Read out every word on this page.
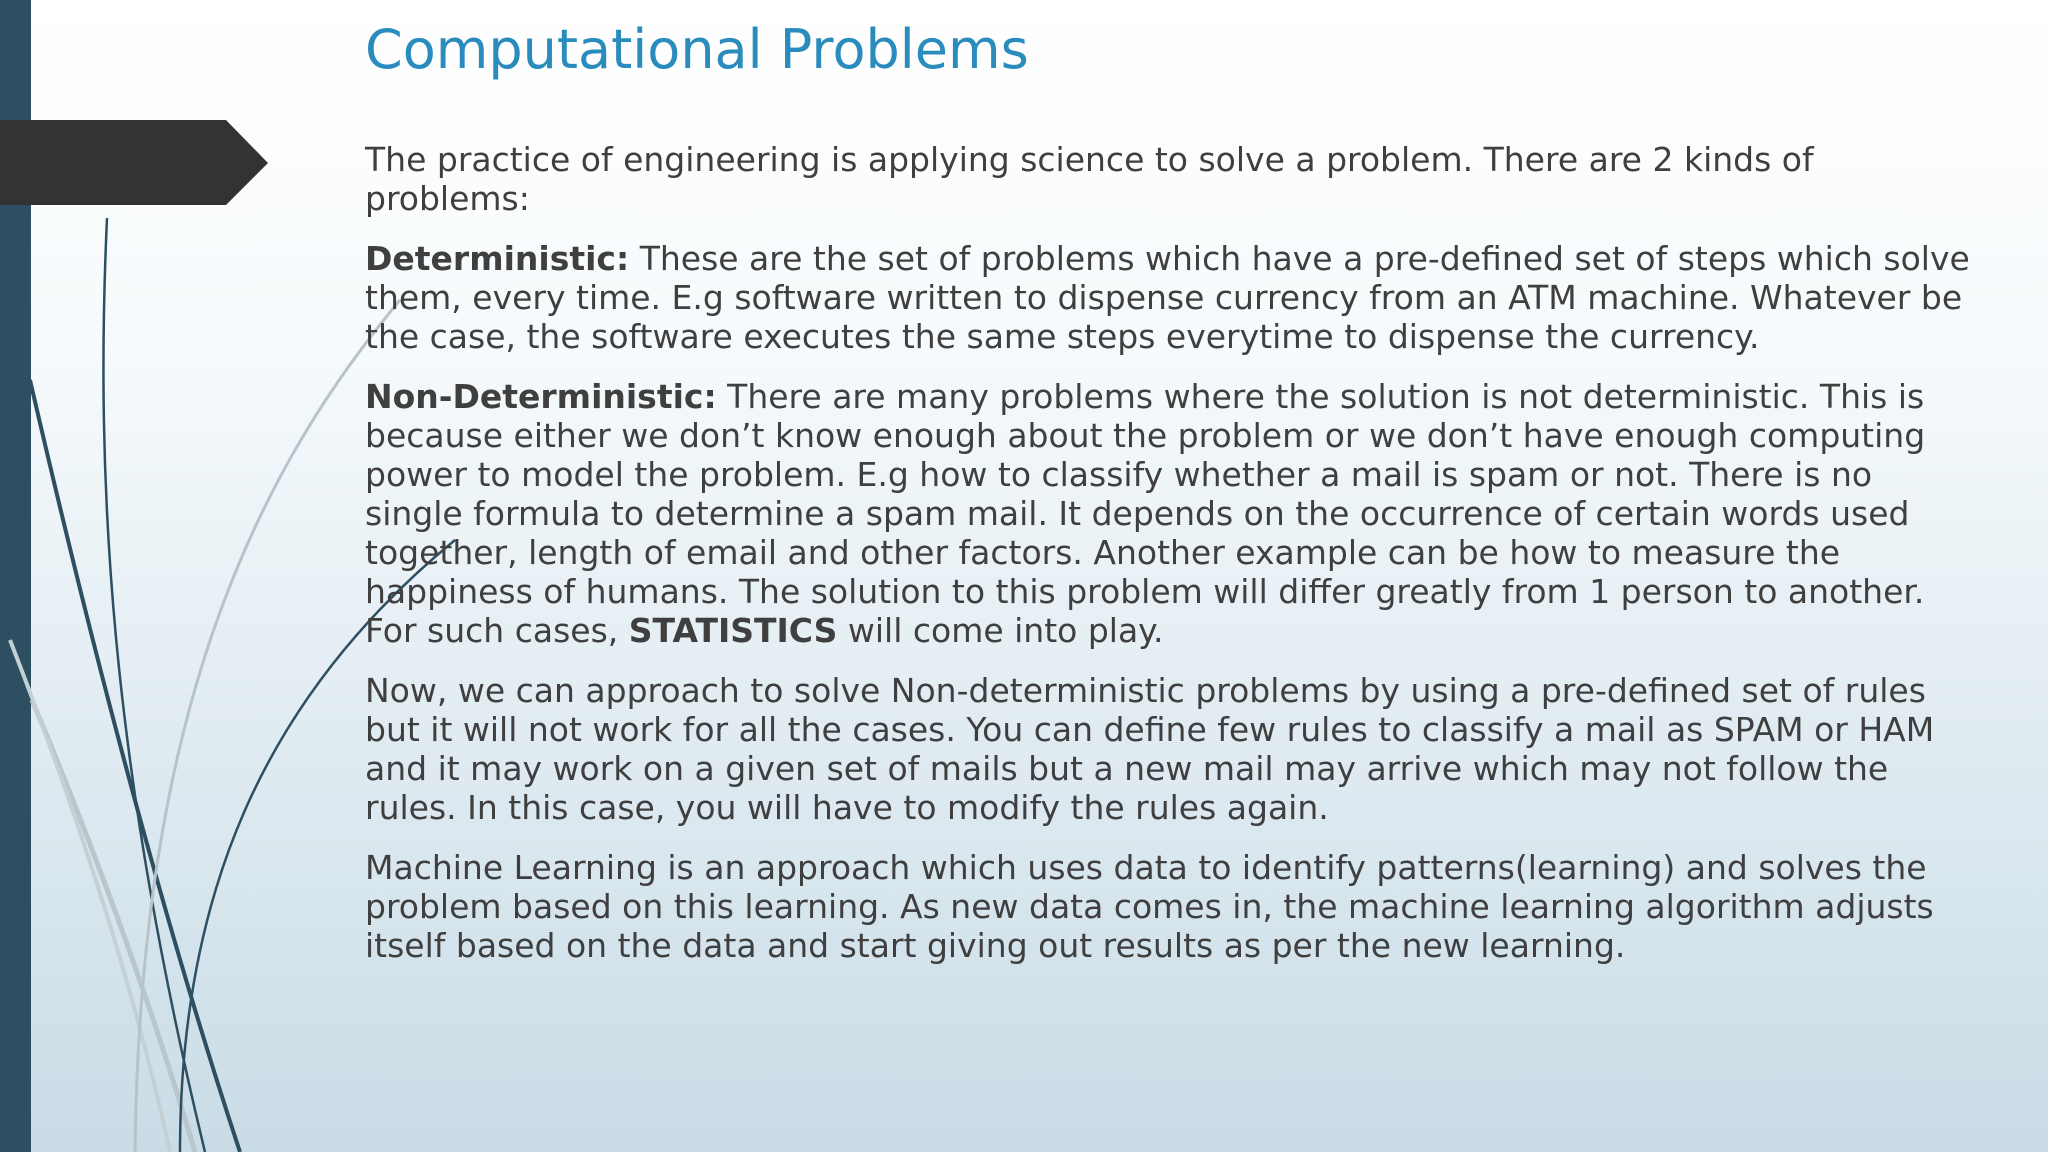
Computational Problems

The practice of engineering is applying science to solve a problem. There are 2 kinds of problems:

Deterministic: These are the set of problems which have a pre-defined set of steps which solve them, every time. E.g software written to dispense currency from an ATM machine. Whatever be the case, the software executes the same steps everytime to dispense the currency.

Non-Deterministic: There are many problems where the solution is not deterministic. This is because either we don’t know enough about the problem or we don’t have enough computing power to model the problem. E.g how to classify whether a mail is spam or not. There is no single formula to determine a spam mail. It depends on the occurrence of certain words used together, length of email and other factors. Another example can be how to measure the happiness of humans. The solution to this problem will differ greatly from 1 person to another. For such cases, STATISTICS will come into play.

Now, we can approach to solve Non-deterministic problems by using a pre-defined set of rules but it will not work for all the cases. You can define few rules to classify a mail as SPAM or HAM and it may work on a given set of mails but a new mail may arrive which may not follow the rules. In this case, you will have to modify the rules again.

Machine Learning is an approach which uses data to identify patterns(learning) and solves the problem based on this learning. As new data comes in, the machine learning algorithm adjusts itself based on the data and start giving out results as per the new learning.
